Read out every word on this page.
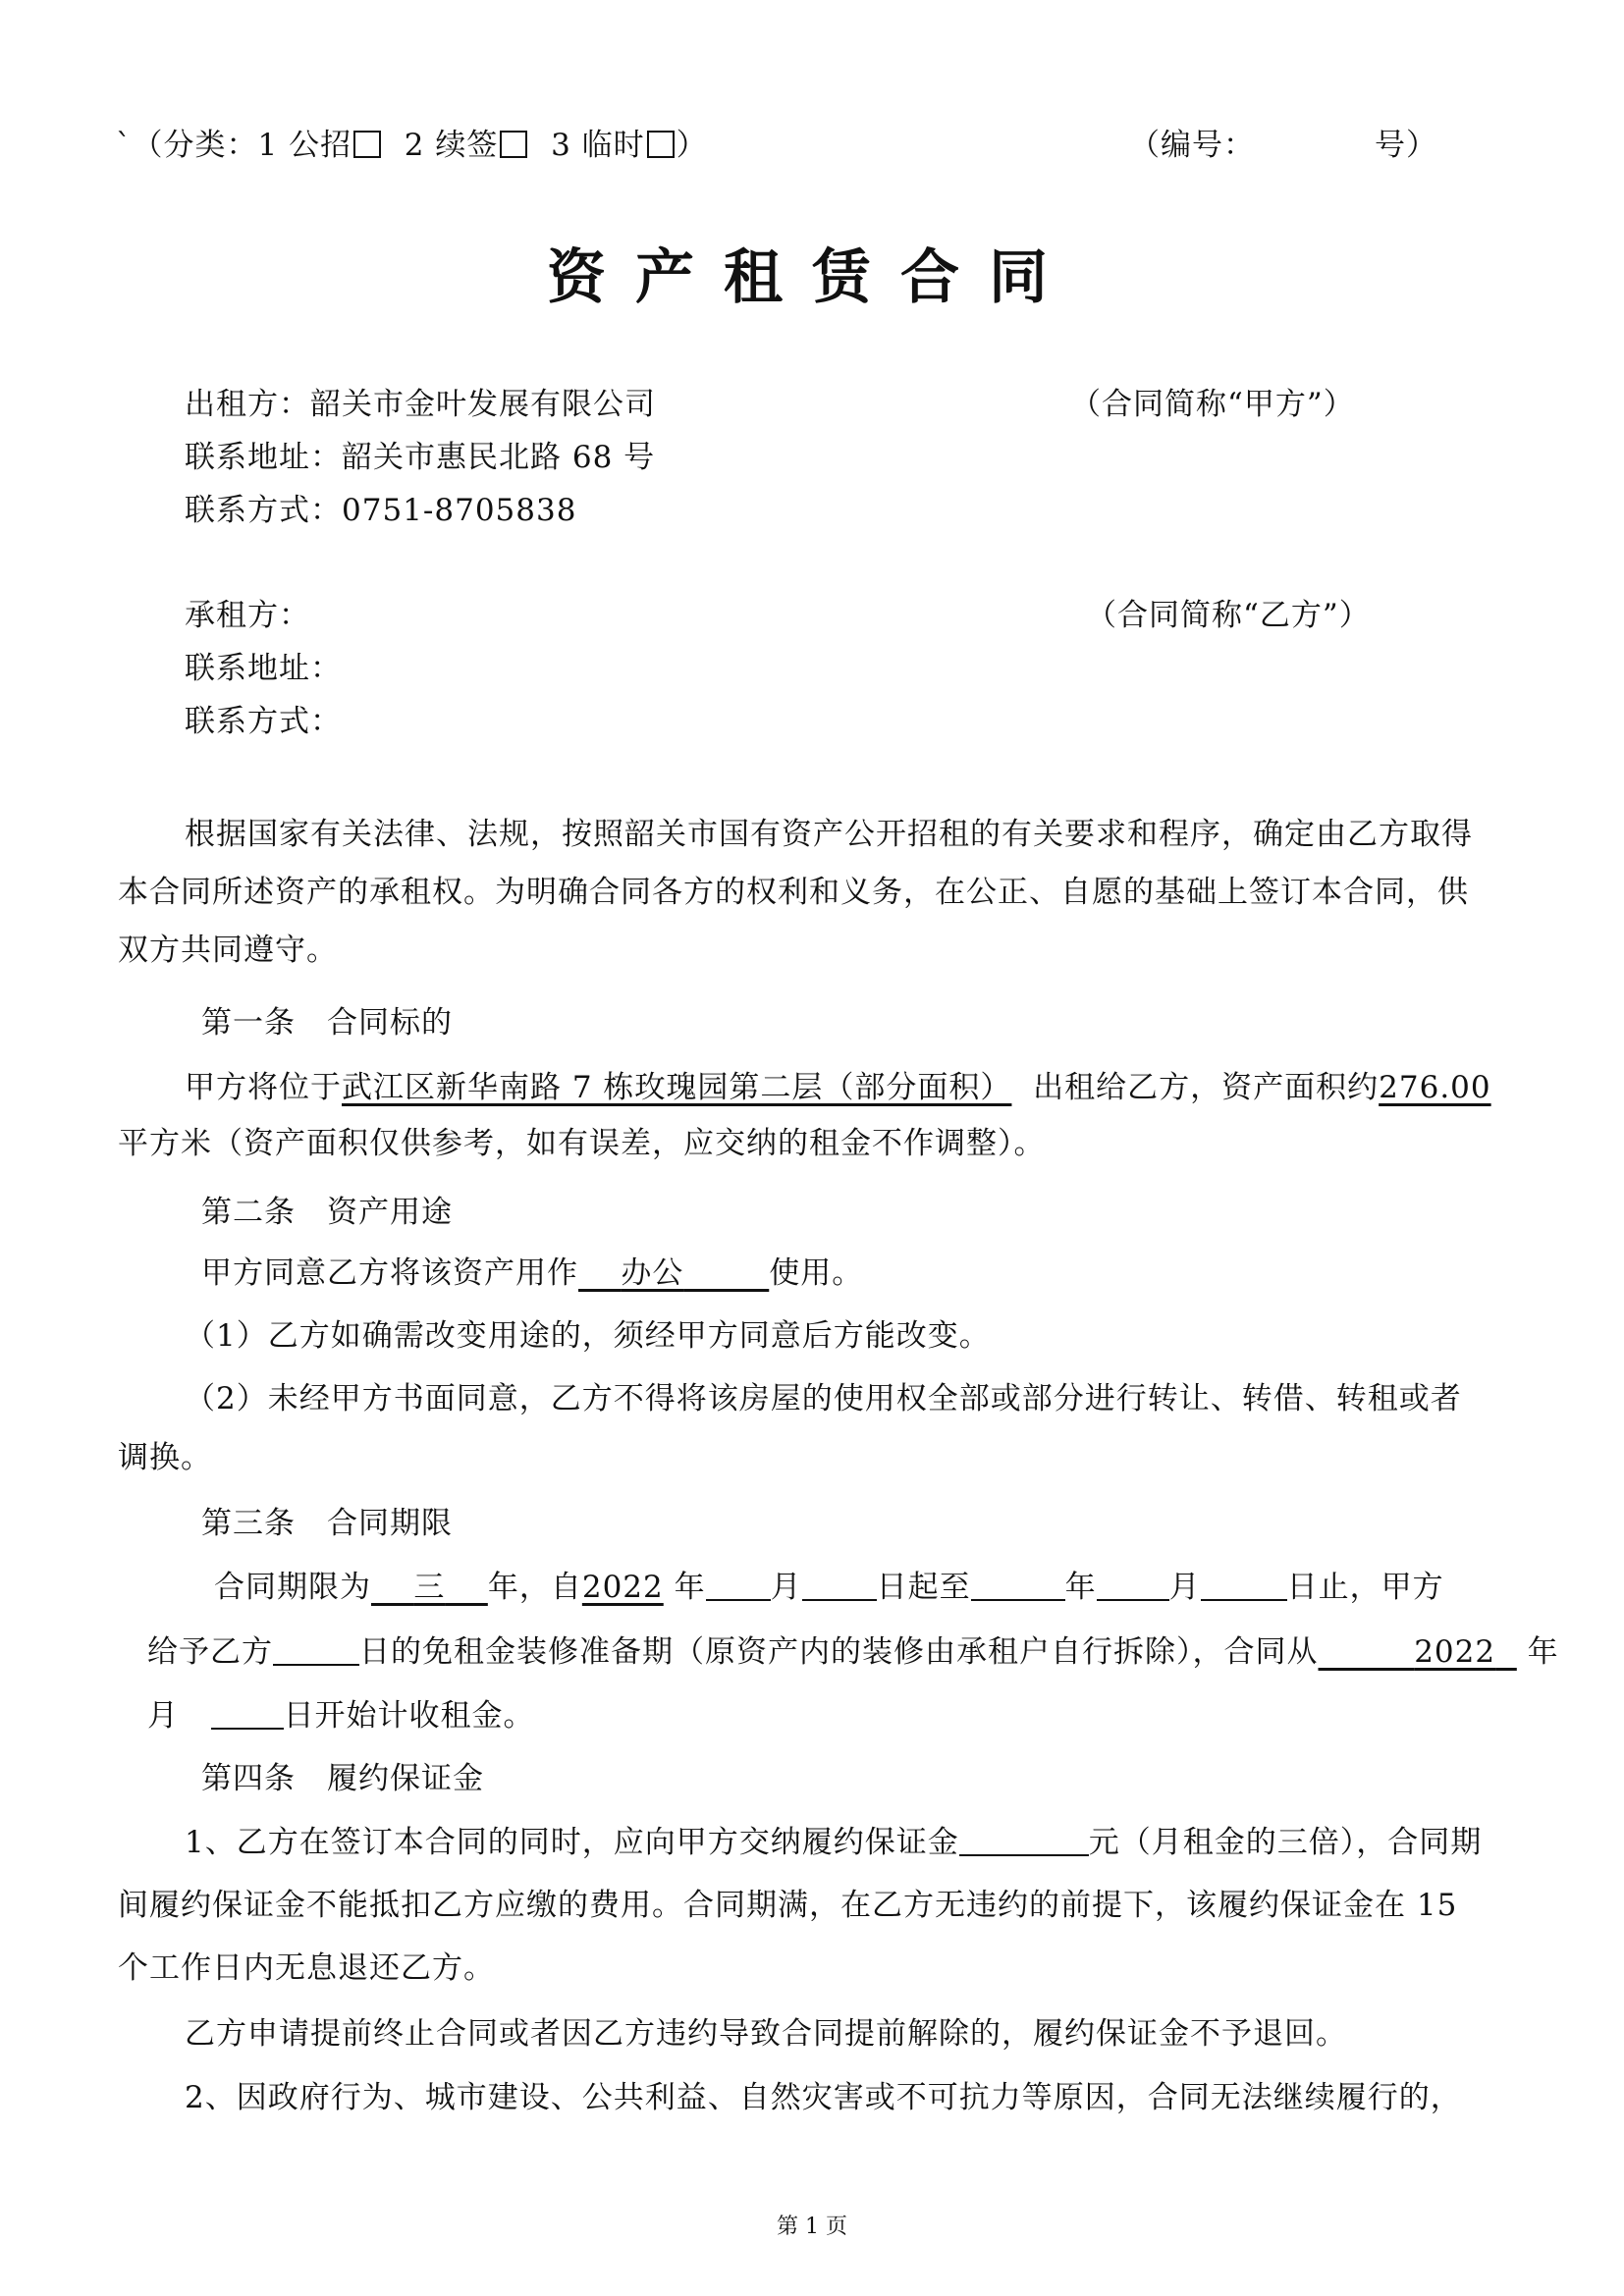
`（分类：1 公招 2 续签 3 临时 ）	（编号：	号）
资产租赁合同
出租方：韶关市金叶发展有限公司	（合同简称“甲方”）
联系地址：韶关市惠民北路 68 号
联系方式：0751-8705838
承租方：	（合同简称“乙方”）
联系地址：
联系方式：
根据国家有关法律、法规，按照韶关市国有资产公开招租的有关要求和程序，确定由乙方取得
本合同所述资产的承租权。为明确合同各方的权利和义务，在公正、自愿的基础上签订本合同，供
双方共同遵守。
第一条　合同标的
甲方将位于武江区新华南路 7 栋玫瑰园第二层（部分面积） 出租给乙方，资产面积约276.00
平方米（资产面积仅供参考，如有误差，应交纳的租金不作调整）。
第二条　资产用途
甲方同意乙方将该资产用作 办公	使用。
（1）乙方如确需改变用途的，须经甲方同意后方能改变。
（2）未经甲方书面同意，乙方不得将该房屋的使用权全部或部分进行转让、转借、转租或者
调换。
第三条　合同期限
合同期限为 三 年，自2022 年 月 日起至	年 月	日止，甲方
给予乙方	日的免租金装修准备期（原资产内的装修由承租户自行拆除），合同从	2022 年
月	日开始计收租金。
第四条　履约保证金
1、乙方在签订本合同的同时，应向甲方交纳履约保证金	元（月租金的三倍），合同期
间履约保证金不能抵扣乙方应缴的费用。合同期满，在乙方无违约的前提下，该履约保证金在 15
个工作日内无息退还乙方。
乙方申请提前终止合同或者因乙方违约导致合同提前解除的，履约保证金不予退回。
2、因政府行为、城市建设、公共利益、自然灾害或不可抗力等原因，合同无法继续履行的，
第 1 页
